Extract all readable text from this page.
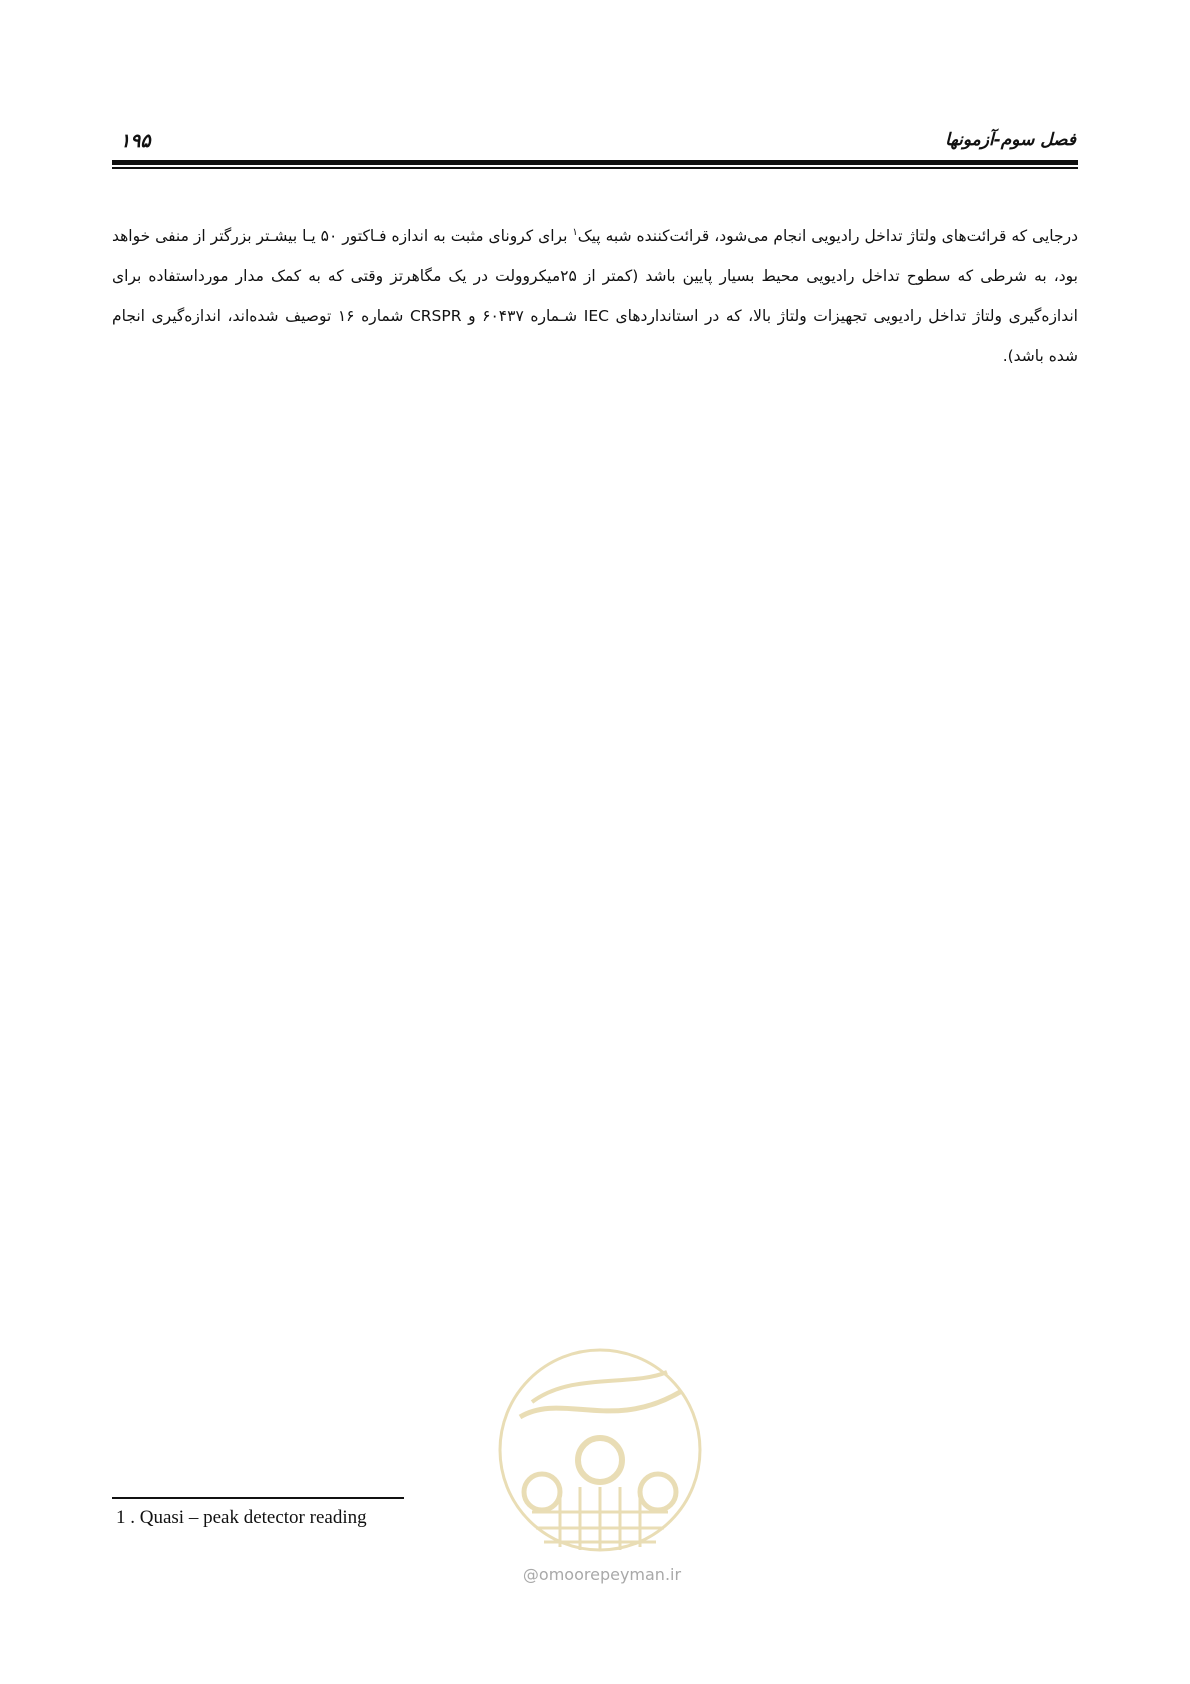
۱۹۵	فصل سوم-آزمونها
درجایی که قرائت‌های ولتاژ تداخل رادیویی انجام می‌شود، قرائت‌کننده شبه پیک$^۱$ برای کرونای مثبت به اندازه فـاکتور ۵۰ یـا بیشـتر بزرگتر از منفی خواهد بود، به شرطی که سطوح تداخل رادیویی محیط بسیار پایین باشد (کمتر از ۲۵میکروولت در یک مگاهرتز وقتی که به کمک مدار مورداستفاده برای اندازه‌گیری ولتاژ تداخل رادیویی تجهیزات ولتاژ بالا، که در استانداردهای IEC شـماره ۶۰۴۳۷ و CRSPR شماره ۱۶ توصیف شده‌اند، اندازه‌گیری انجام شده باشد).
1 . Quasi – peak detector reading
@omoorepeyman.ir
